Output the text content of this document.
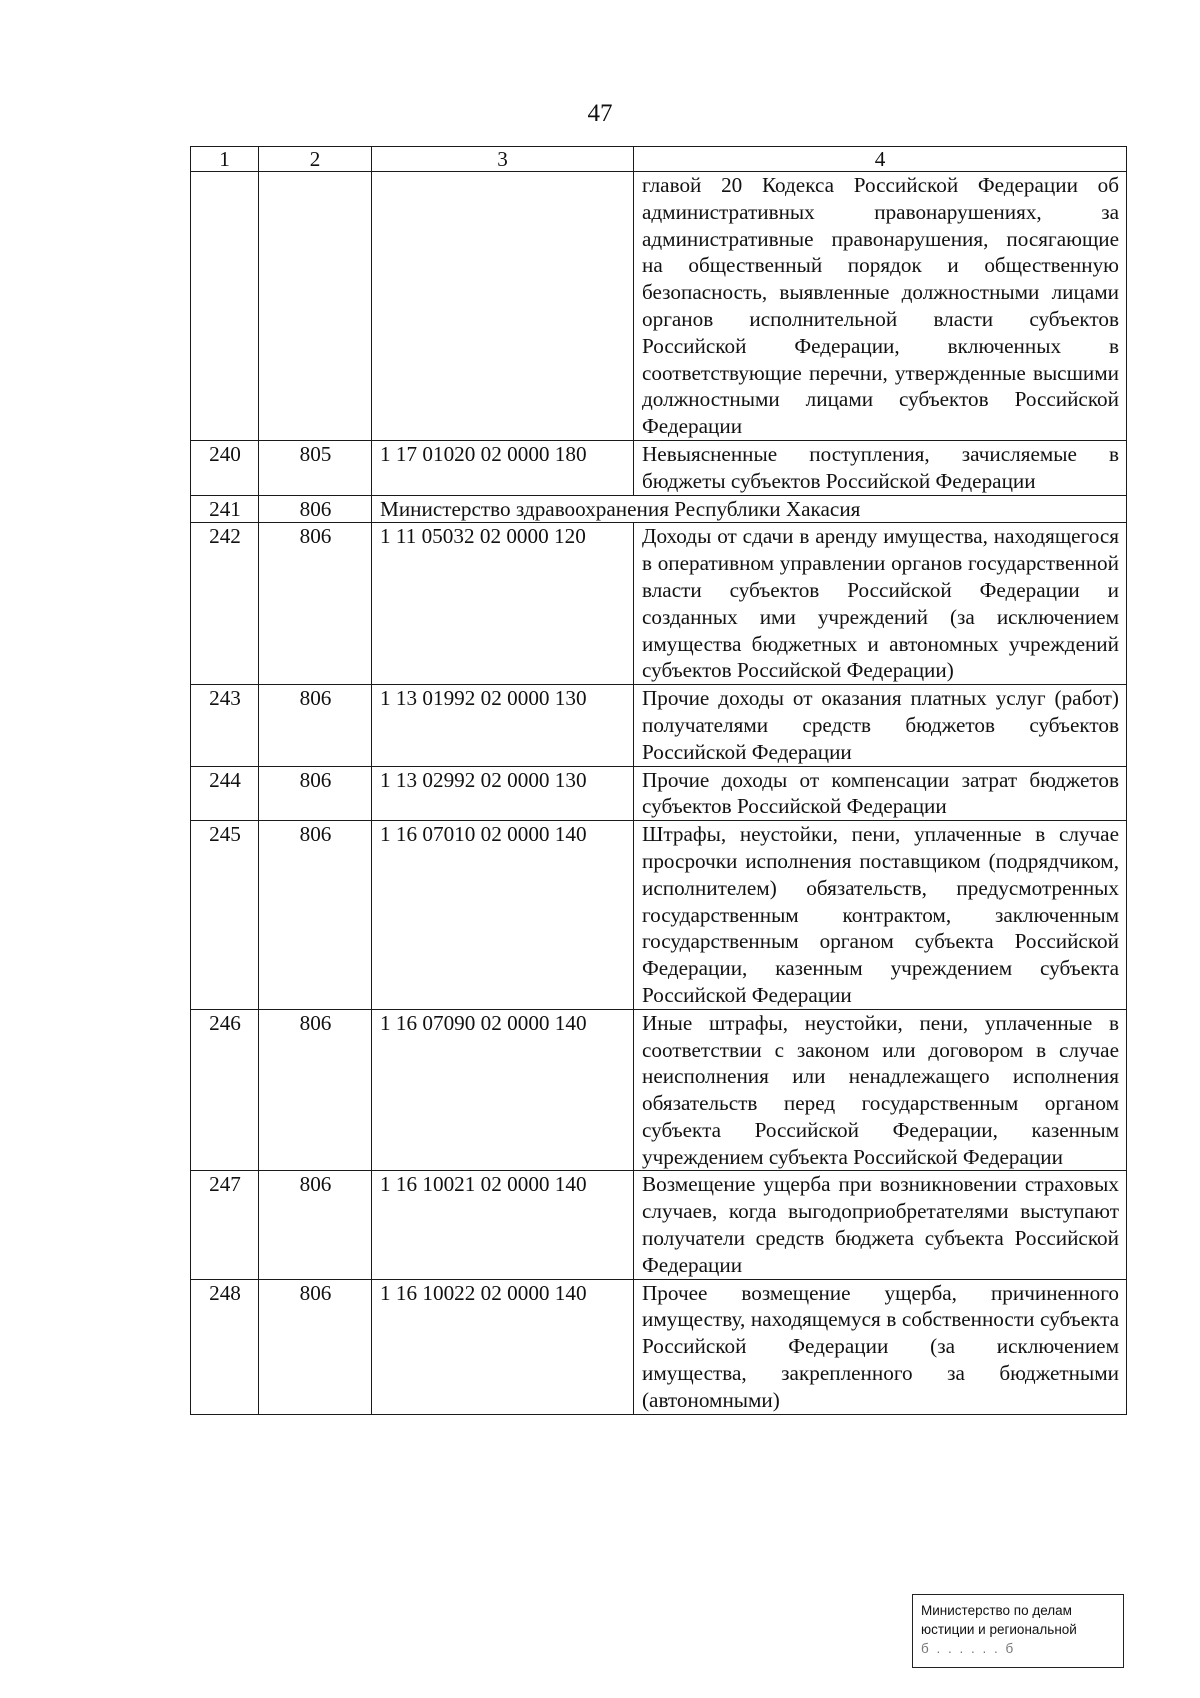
47
1	2	3	4
			главой 20 Кодекса Российской Федерации об административных правонарушениях, за административные правонарушения, посягающие на общественный порядок и общественную безопасность, выявленные должностными лицами органов исполнительной власти субъектов Российской Федерации, включенных в соответствующие перечни, утвержденные высшими должностными лицами субъектов Российской Федерации
240	805	1 17 01020 02 0000 180	Невыясненные поступления, зачисляемые в бюджеты субъектов Российской Федерации
241	806	Министерство здравоохранения Республики Хакасия	
242	806	1 11 05032 02 0000 120	Доходы от сдачи в аренду имущества, находящегося в оперативном управлении органов государственной власти субъектов Российской Федерации и созданных ими учреждений (за исключением имущества бюджетных и автономных учреждений субъектов Российской Федерации)
243	806	1 13 01992 02 0000 130	Прочие доходы от оказания платных услуг (работ) получателями средств бюджетов субъектов Российской Федерации
244	806	1 13 02992 02 0000 130	Прочие доходы от компенсации затрат бюджетов субъектов Российской Федерации
245	806	1 16 07010 02 0000 140	Штрафы, неустойки, пени, уплаченные в случае просрочки исполнения поставщиком (подрядчиком, исполнителем) обязательств, предусмотренных государственным контрактом, заключенным государственным органом субъекта Российской Федерации, казенным учреждением субъекта Российской Федерации
246	806	1 16 07090 02 0000 140	Иные штрафы, неустойки, пени, уплаченные в соответствии с законом или договором в случае неисполнения или ненадлежащего исполнения обязательств перед государственным органом субъекта Российской Федерации, казенным учреждением субъекта Российской Федерации
247	806	1 16 10021 02 0000 140	Возмещение ущерба при возникновении страховых случаев, когда выгодоприобретателями выступают получатели средств бюджета субъекта Российской Федерации
248	806	1 16 10022 02 0000 140	Прочее возмещение ущерба, причиненного имуществу, находящемуся в собственности субъекта Российской Федерации (за исключением имущества, закрепленного за бюджетными (автономными)
Министерство по делам
юстиции и региональной
б . . . . . . б
